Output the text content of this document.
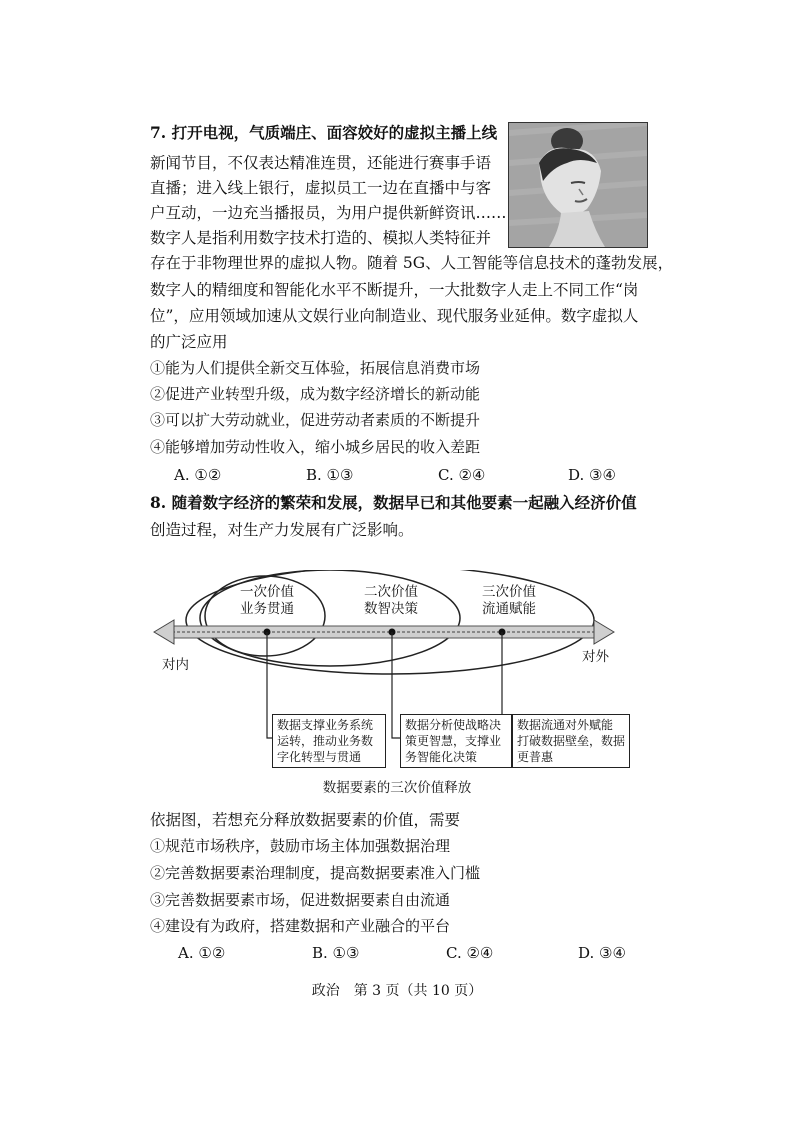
7. 打开电视，气质端庄、面容姣好的虚拟主播上线
新闻节目，不仅表达精准连贯，还能进行赛事手语
直播；进入线上银行，虚拟员工一边在直播中与客
户互动，一边充当播报员，为用户提供新鲜资讯……
数字人是指利用数字技术打造的、模拟人类特征并
存在于非物理世界的虚拟人物。随着 5G、人工智能等信息技术的蓬勃发展，
数字人的精细度和智能化水平不断提升，一大批数字人走上不同工作“岗
位”，应用领域加速从文娱行业向制造业、现代服务业延伸。数字虚拟人
的广泛应用
①能为人们提供全新交互体验，拓展信息消费市场
②促进产业转型升级，成为数字经济增长的新动能
③可以扩大劳动就业，促进劳动者素质的不断提升
④能够增加劳动性收入，缩小城乡居民的收入差距
A. ①②	B. ①③	C. ②④	D. ③④
8. 随着数字经济的繁荣和发展，数据早已和其他要素一起融入经济价值
创造过程，对生产力发展有广泛影响。
一次价值
业务贯通
二次价值
数智决策
三次价值
流通赋能
对内	对外
数据支撑业务系统
运转，推动业务数
字化转型与贯通
数据分析使战略决
策更智慧，支撑业
务智能化决策
数据流通对外赋能
打破数据壁垒，数据
更普惠
数据要素的三次价值释放
依据图，若想充分释放数据要素的价值，需要
①规范市场秩序，鼓励市场主体加强数据治理
②完善数据要素治理制度，提高数据要素准入门槛
③完善数据要素市场，促进数据要素自由流通
④建设有为政府，搭建数据和产业融合的平台
A. ①②	B. ①③	C. ②④	D. ③④
政治　第 3 页（共 10 页）
